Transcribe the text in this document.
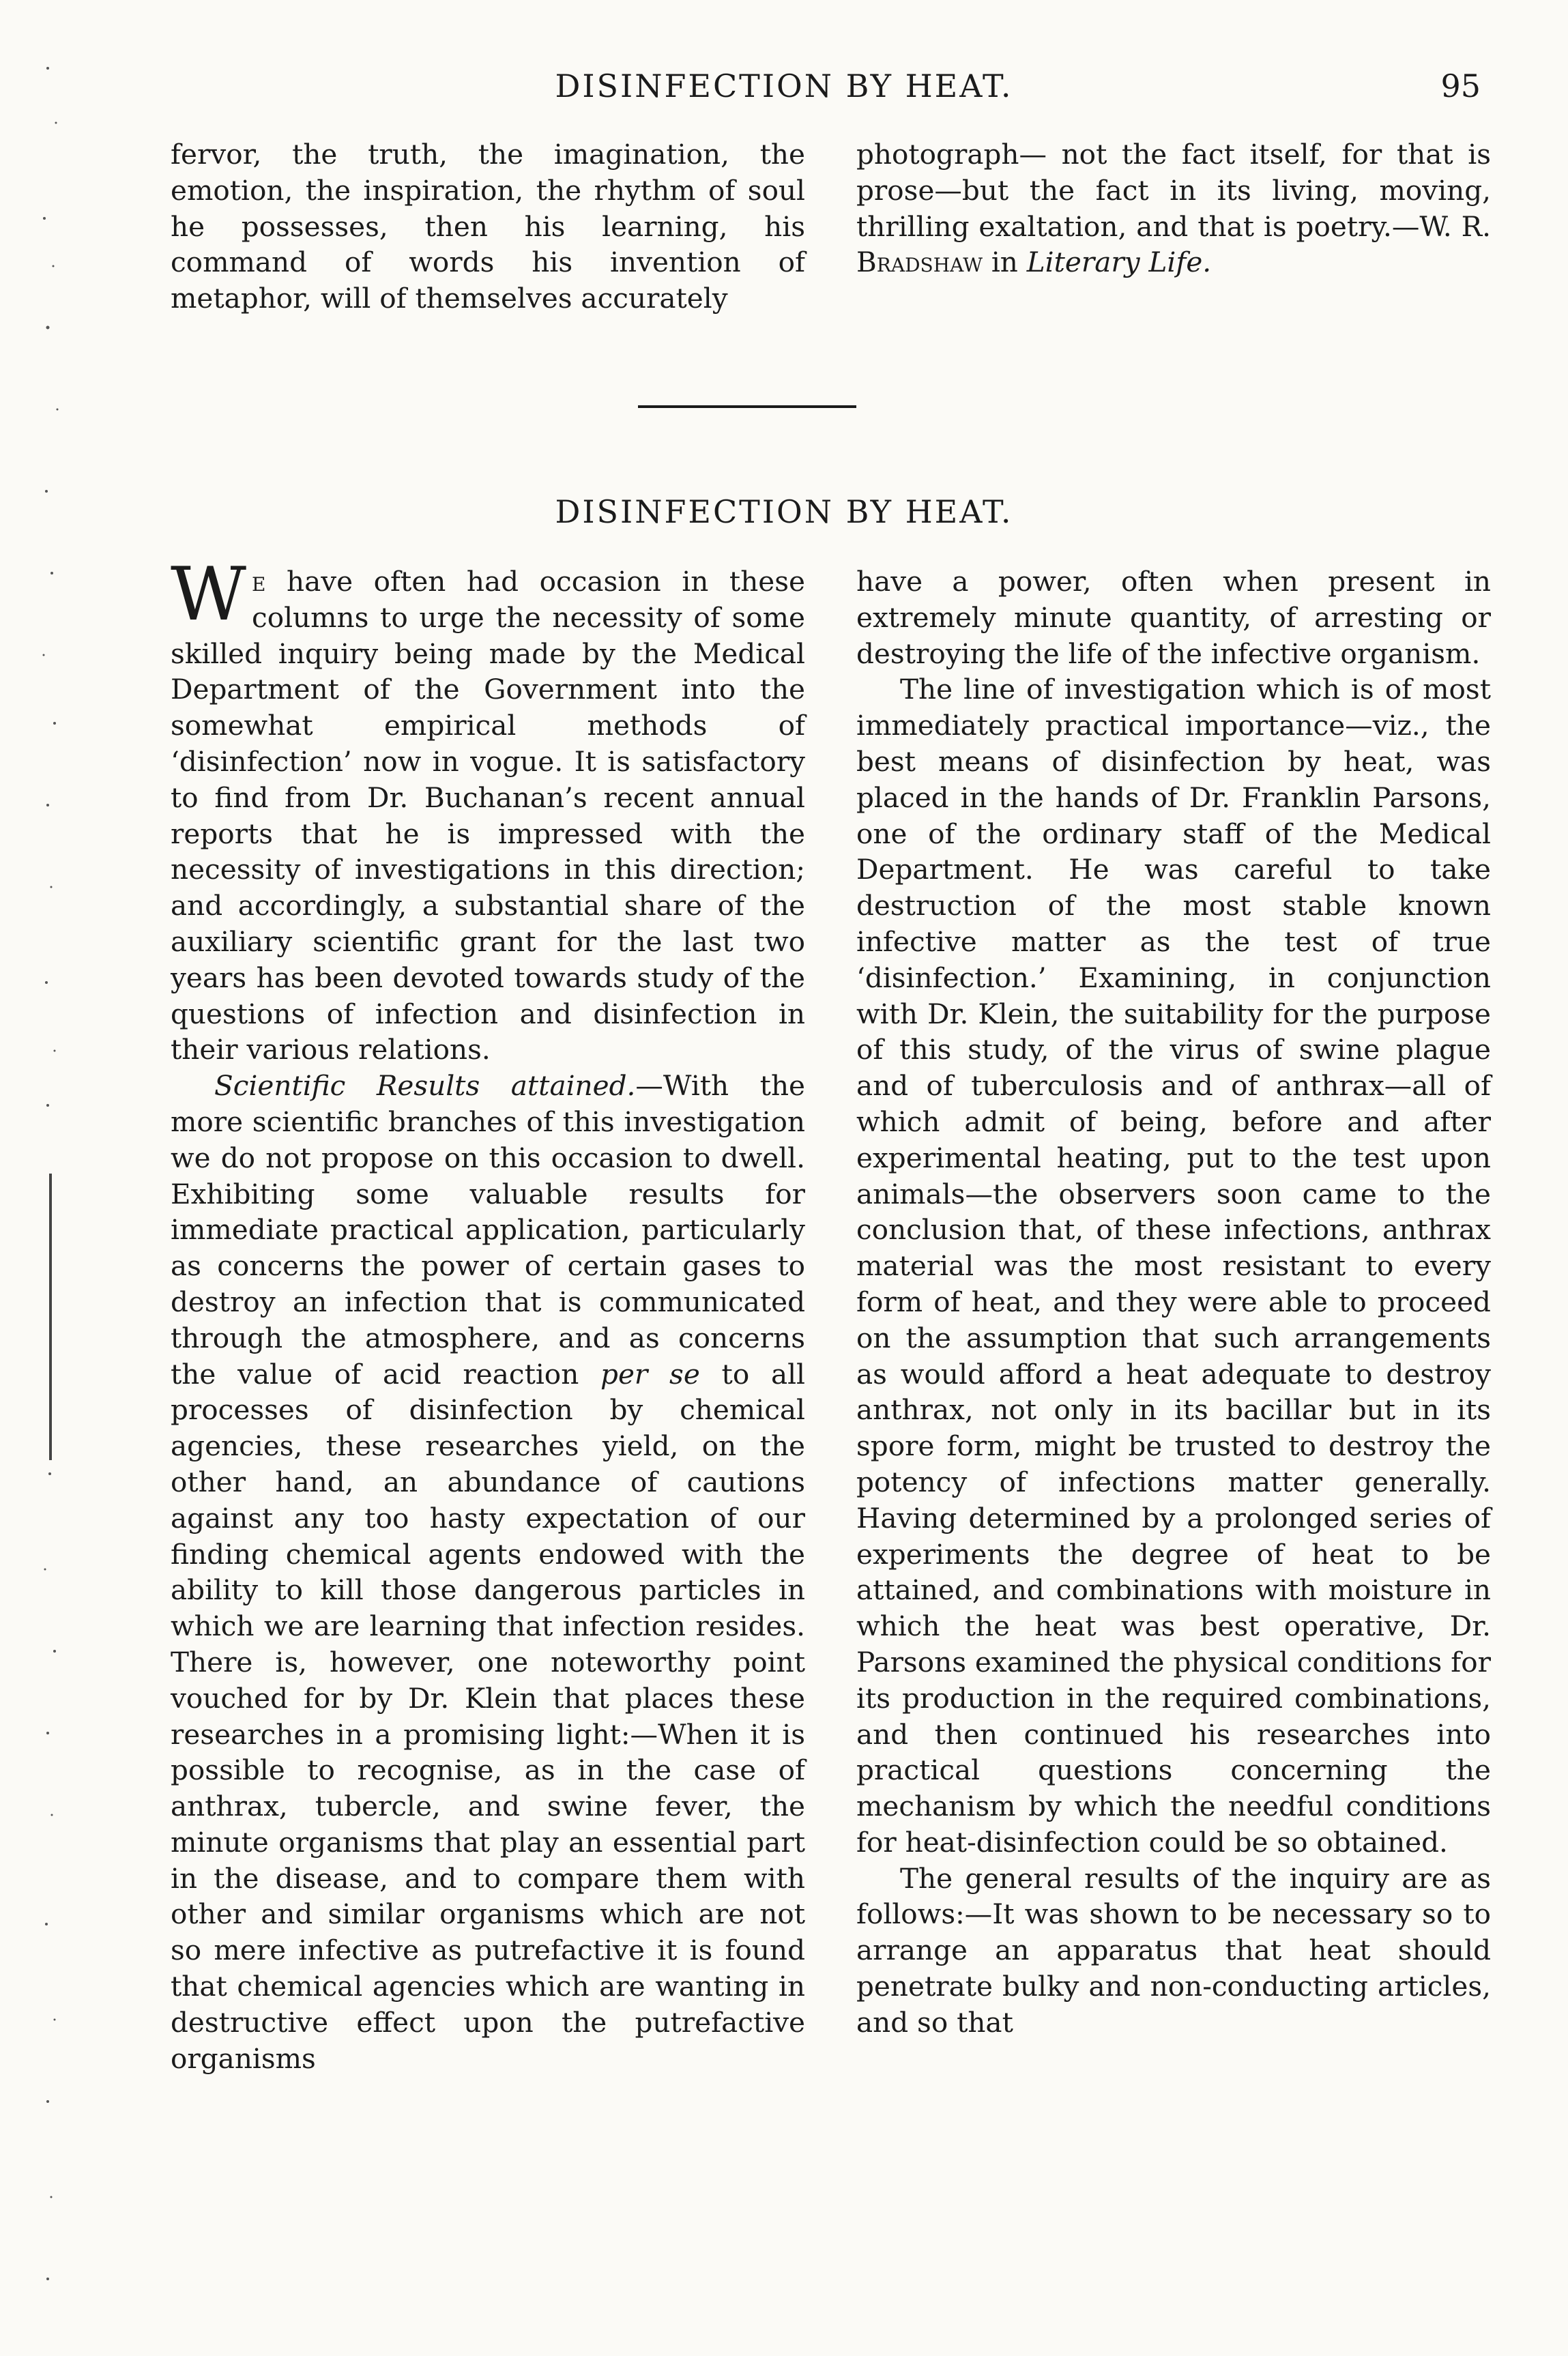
DISINFECTION BY HEAT.	95

fervor, the truth, the imagination, the emotion, the inspiration, the rhythm of soul he possesses, then his learning, his command of words his invention of metaphor, will of themselves accurately

photograph— not the fact itself, for that is prose—but the fact in its living, moving, thrilling exaltation, and that is poetry.—W. R. Bradshaw in Literary Life.

DISINFECTION BY HEAT.

We have often had occasion in these columns to urge the necessity of some skilled inquiry being made by the Medical Department of the Government into the somewhat empirical methods of ‘disinfection’ now in vogue. It is satisfactory to find from Dr. Buchanan’s recent annual reports that he is impressed with the necessity of investigations in this direction; and accordingly, a substantial share of the auxiliary scientific grant for the last two years has been devoted towards study of the questions of infection and disinfection in their various relations.

Scientific Results attained.—With the more scientific branches of this investigation we do not propose on this occasion to dwell. Exhibiting some valuable results for immediate practical application, particularly as concerns the power of certain gases to destroy an infection that is communicated through the atmosphere, and as concerns the value of acid reaction per se to all processes of disinfection by chemical agencies, these researches yield, on the other hand, an abundance of cautions against any too hasty expectation of our finding chemical agents endowed with the ability to kill those dangerous particles in which we are learning that infection resides. There is, however, one noteworthy point vouched for by Dr. Klein that places these researches in a promising light:—When it is possible to recognise, as in the case of anthrax, tubercle, and swine fever, the minute organisms that play an essential part in the disease, and to compare them with other and similar organisms which are not so mere infective as putrefactive it is found that chemical agencies which are wanting in destructive effect upon the putrefactive organisms

have a power, often when present in extremely minute quantity, of arresting or destroying the life of the infective organism.

The line of investigation which is of most immediately practical importance—viz., the best means of disinfection by heat, was placed in the hands of Dr. Franklin Parsons, one of the ordinary staff of the Medical Department. He was careful to take destruction of the most stable known infective matter as the test of true ‘disinfection.’ Examining, in conjunction with Dr. Klein, the suitability for the purpose of this study, of the virus of swine plague and of tuberculosis and of anthrax—all of which admit of being, before and after experimental heating, put to the test upon animals—the observers soon came to the conclusion that, of these infections, anthrax material was the most resistant to every form of heat, and they were able to proceed on the assumption that such arrangements as would afford a heat adequate to destroy anthrax, not only in its bacillar but in its spore form, might be trusted to destroy the potency of infections matter generally. Having determined by a prolonged series of experiments the degree of heat to be attained, and combinations with moisture in which the heat was best operative, Dr. Parsons examined the physical conditions for its production in the required combinations, and then continued his researches into practical questions concerning the mechanism by which the needful conditions for heat-disinfection could be so obtained.

The general results of the inquiry are as follows:—It was shown to be necessary so to arrange an apparatus that heat should penetrate bulky and non-conducting articles, and so that
